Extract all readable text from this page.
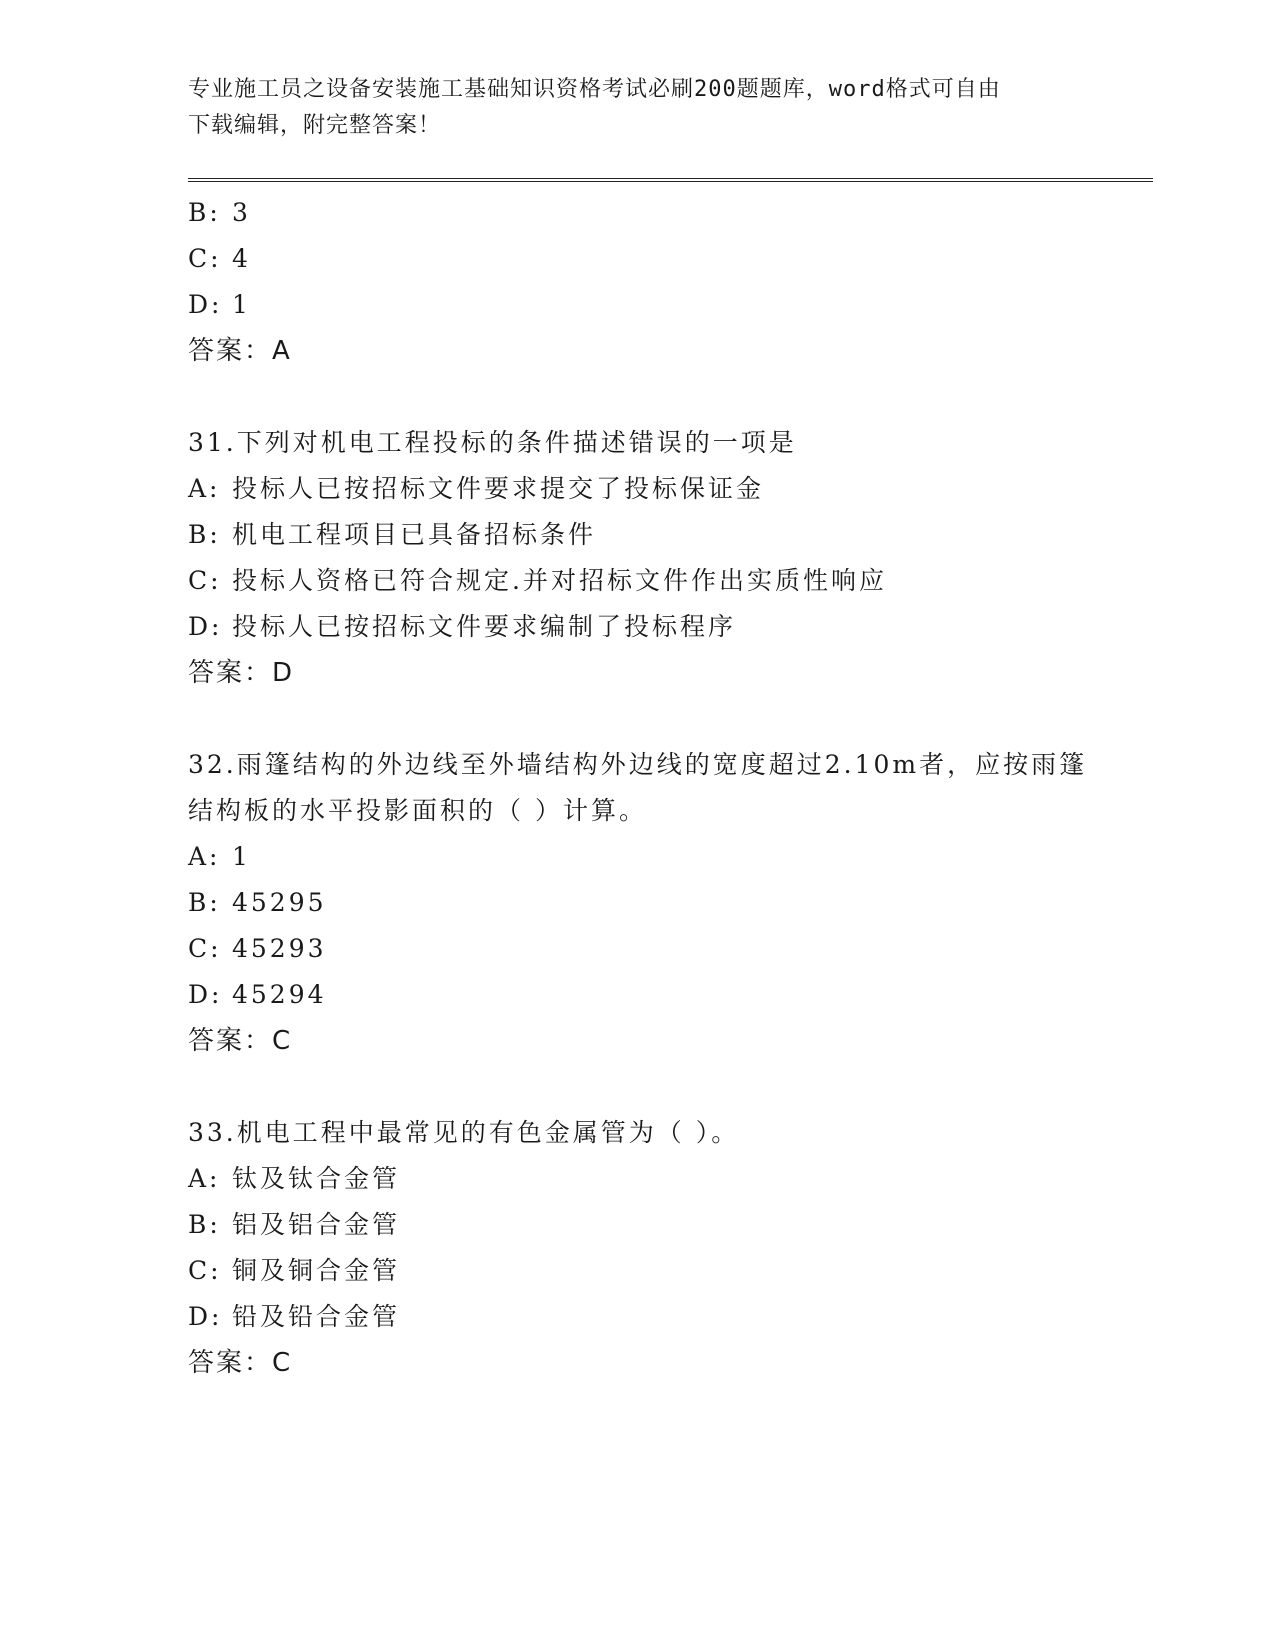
专业施工员之设备安装施工基础知识资格考试必刷200题题库，word格式可自由
下载编辑，附完整答案！
B: 3
C: 4
D: 1
答案：A
31.下列对机电工程投标的条件描述错误的一项是
A: 投标人已按招标文件要求提交了投标保证金
B: 机电工程项目已具备招标条件
C: 投标人资格已符合规定.并对招标文件作出实质性响应
D: 投标人已按招标文件要求编制了投标程序
答案：D
32.雨篷结构的外边线至外墙结构外边线的宽度超过2.10m者，应按雨篷结构板的水平投影面积的（ ）计算。
A: 1
B: 45295
C: 45293
D: 45294
答案：C
33.机电工程中最常见的有色金属管为（ ）。
A: 钛及钛合金管
B: 铝及铝合金管
C: 铜及铜合金管
D: 铅及铅合金管
答案：C
